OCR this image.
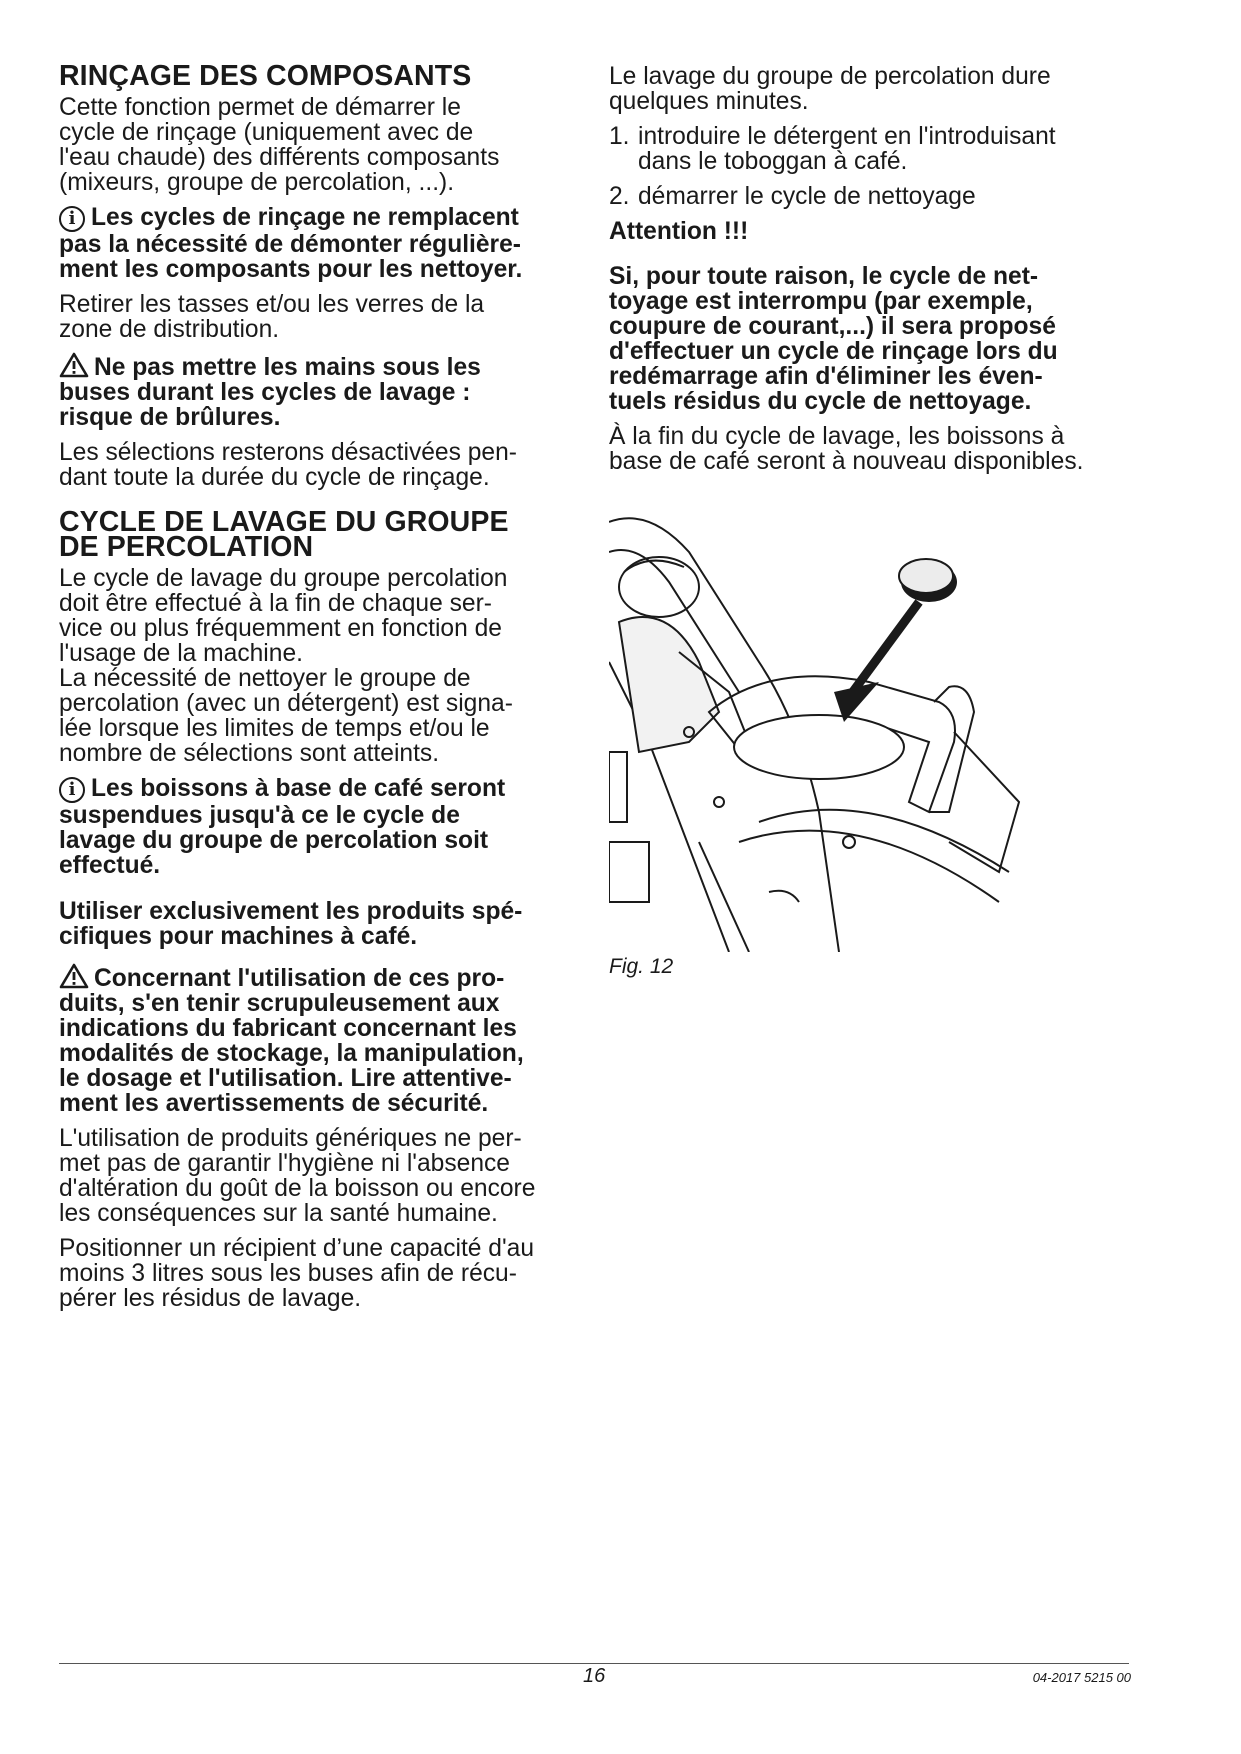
RINÇAGE DES COMPOSANTS

Cette fonction permet de démarrer le
cycle de rinçage (uniquement avec de
l'eau chaude) des différents composants
(mixeurs, groupe de percolation, ...).

i Les cycles de rinçage ne remplacent
pas la nécessité de démonter régulière-
ment les composants pour les nettoyer.

Retirer les tasses et/ou les verres de la
zone de distribution.

Ne pas mettre les mains sous les
buses durant les cycles de lavage :
risque de brûlures.

Les sélections resterons désactivées pen-
dant toute la durée du cycle de rinçage.

CYCLE DE LAVAGE DU GROUPE
DE PERCOLATION

Le cycle de lavage du groupe percolation
doit être effectué à la fin de chaque ser-
vice ou plus fréquemment en fonction de
l'usage de la machine.

La nécessité de nettoyer le groupe de
percolation (avec un détergent) est signa-
lée lorsque les limites de temps et/ou le
nombre de sélections sont atteints.

i Les boissons à base de café seront
suspendues jusqu'à ce le cycle de
lavage du groupe de percolation soit
effectué.

Utiliser exclusivement les produits spé-
cifiques pour machines à café.

Concernant l'utilisation de ces pro-
duits, s'en tenir scrupuleusement aux
indications du fabricant concernant les
modalités de stockage, la manipulation,
le dosage et l'utilisation. Lire attentive-
ment les avertissements de sécurité.

L'utilisation de produits génériques ne per-
met pas de garantir l'hygiène ni l'absence
d'altération du goût de la boisson ou encore
les conséquences sur la santé humaine.

Positionner un récipient d’une capacité d'au
moins 3 litres sous les buses afin de récu-
pérer les résidus de lavage.

Le lavage du groupe de percolation dure
quelques minutes.

1. introduire le détergent en l'introduisant
dans le toboggan à café.

2. démarrer le cycle de nettoyage

Attention !!!

Si, pour toute raison, le cycle de net-
toyage est interrompu (par exemple,
coupure de courant,...) il sera proposé
d'effectuer un cycle de rinçage lors du
redémarrage afin d'éliminer les éven-
tuels résidus du cycle de nettoyage.

À la fin du cycle de lavage, les boissons à
base de café seront à nouveau disponibles.

Fig. 12
16	04-2017 5215 00
